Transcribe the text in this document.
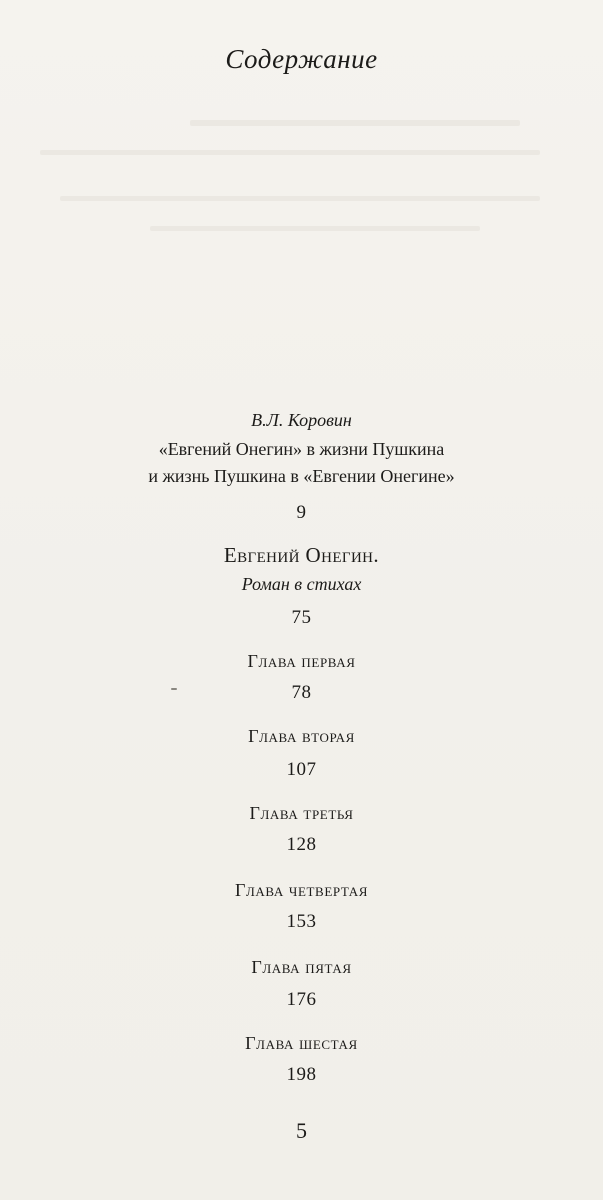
Содержание
В.Л. Коровин
«Евгений Онегин» в жизни Пушкина
и жизнь Пушкина в «Евгении Онегине»
9
Евгений Онегин.
Роман в стихах
75
Глава первая
78
Глава вторая
107
Глава третья
128
Глава четвертая
153
Глава пятая
176
Глава шестая
198
5
